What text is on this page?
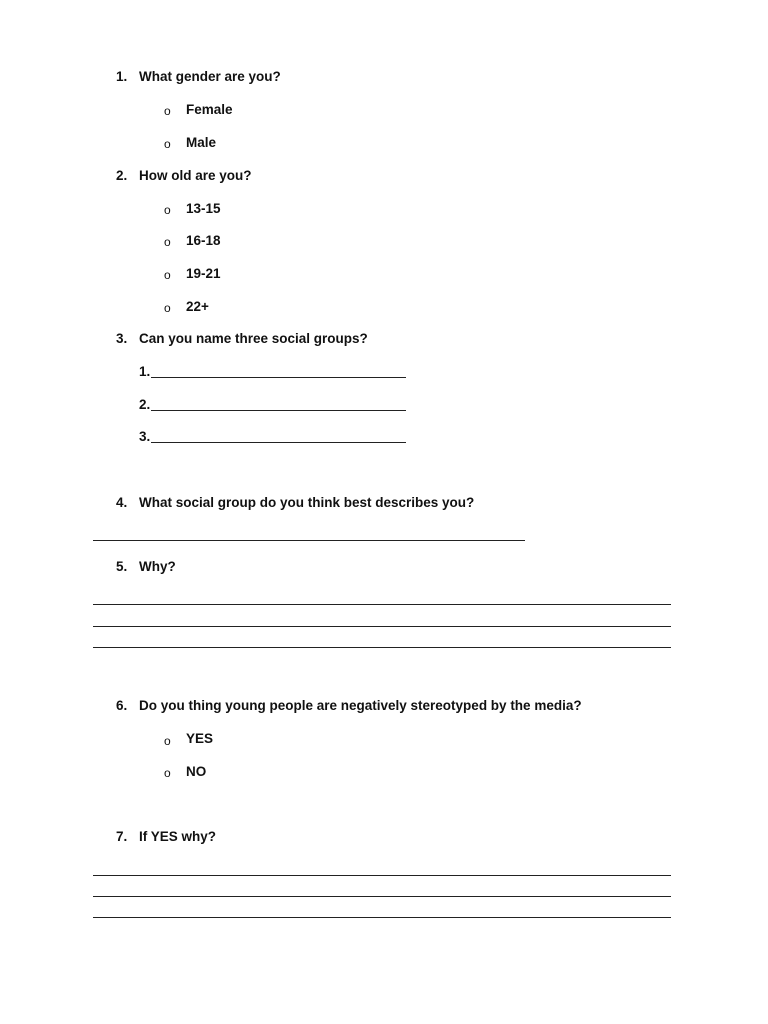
1. What gender are you?
o Female
o Male
2. How old are you?
o 13-15
o 16-18
o 19-21
o 22+
3. Can you name three social groups?
1.
2.
3.
4. What social group do you think best describes you?
5. Why?
6. Do you thing young people are negatively stereotyped by the media?
o YES
o NO
7. If YES why?
